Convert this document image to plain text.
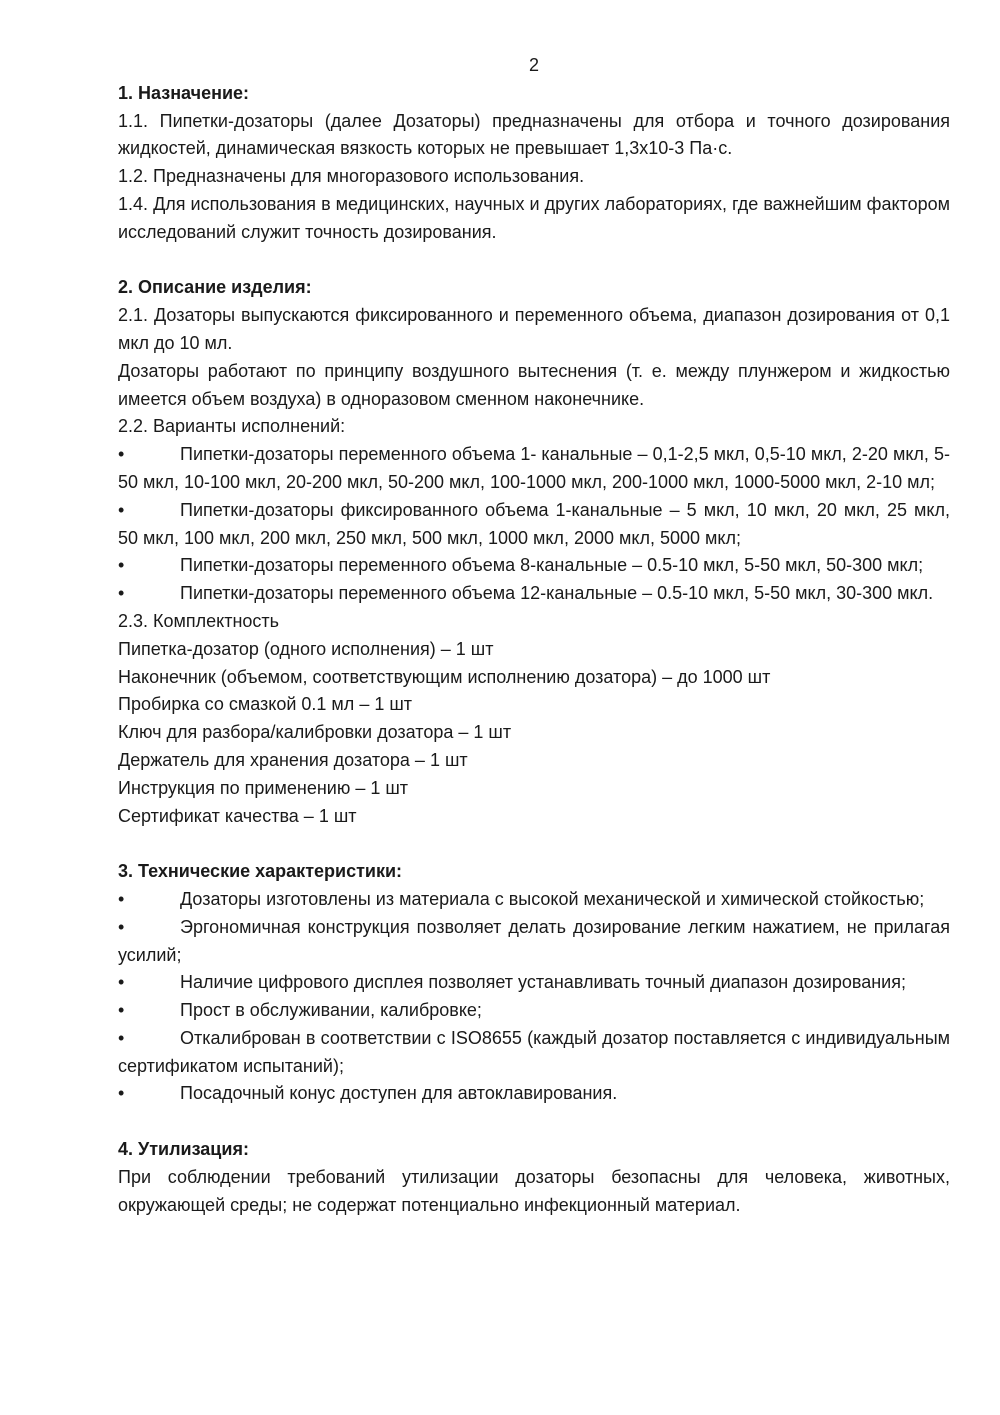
2

1. Назначение:

1.1. Пипетки-дозаторы (далее Дозаторы) предназначены для отбора и точного дозирования жидкостей, динамическая вязкость которых не превышает 1,3х10-3 Па·с.

1.2. Предназначены для многоразового использования.

1.4. Для использования в медицинских, научных и других лабораториях, где важнейшим фактором исследований служит точность дозирования.

2. Описание изделия:

2.1. Дозаторы выпускаются фиксированного и переменного объема, диапазон дозирования от 0,1 мкл до 10 мл.

Дозаторы работают по принципу воздушного вытеснения (т. е. между плунжером и жидкостью имеется объем воздуха) в одноразовом сменном наконечнике.

2.2. Варианты исполнений:

•	Пипетки-дозаторы переменного объема 1- канальные – 0,1-2,5 мкл, 0,5-10 мкл, 2-20 мкл, 5-50 мкл, 10-100 мкл, 20-200 мкл, 50-200 мкл, 100-1000 мкл, 200-1000 мкл, 1000-5000 мкл, 2-10 мл;

•	Пипетки-дозаторы фиксированного объема 1-канальные – 5 мкл, 10 мкл, 20 мкл, 25 мкл, 50 мкл, 100 мкл, 200 мкл, 250 мкл, 500 мкл, 1000 мкл, 2000 мкл, 5000 мкл;

•	Пипетки-дозаторы переменного объема 8-канальные – 0.5-10 мкл, 5-50 мкл, 50-300 мкл;

•	Пипетки-дозаторы переменного объема 12-канальные – 0.5-10 мкл, 5-50 мкл, 30-300 мкл.

2.3. Комплектность

Пипетка-дозатор (одного исполнения) – 1 шт

Наконечник (объемом, соответствующим исполнению дозатора) – до 1000 шт

Пробирка со смазкой 0.1 мл – 1 шт

Ключ для разбора/калибровки дозатора – 1 шт

Держатель для хранения дозатора – 1 шт

Инструкция по применению – 1 шт

Сертификат качества – 1 шт

3. Технические характеристики:

•	Дозаторы изготовлены из материала с высокой механической и химической стойкостью;

•	Эргономичная конструкция позволяет делать дозирование легким нажатием, не прилагая усилий;

•	Наличие цифрового дисплея позволяет устанавливать точный диапазон дозирования;

•	Прост в обслуживании, калибровке;

•	Откалиброван в соответствии с ISO8655 (каждый дозатор поставляется с индивидуальным сертификатом испытаний);

•	Посадочный конус доступен для автоклавирования.

4. Утилизация:

При соблюдении требований утилизации дозаторы безопасны для человека, животных, окружающей среды; не содержат потенциально инфекционный материал.
